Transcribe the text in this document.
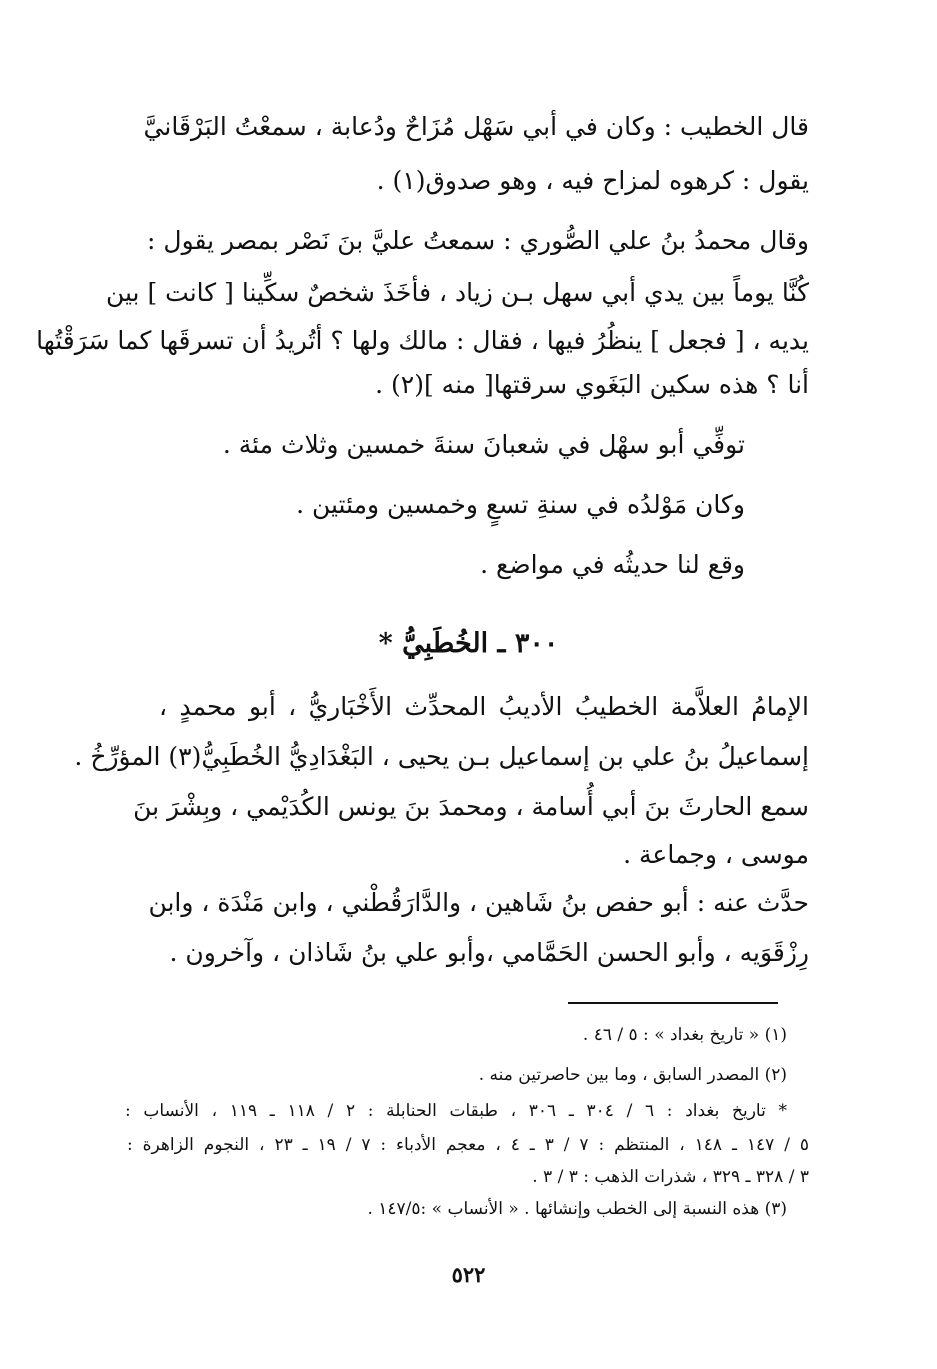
قال الخطيب : وكان في أبي سَهْل مُزَاحٌ ودُعابة ، سمعْتُ البَرْقَانيَّ
يقول : كرهوه لمزاح فيه ، وهو صدوق(١) .
وقال محمدُ بنُ علي الصُّوري : سمعتُ عليَّ بنَ نَصْر بمصر يقول :
كُنَّا يوماً بين يدي أبي سهل بـن زياد ، فأخَذَ شخصٌ سكِّينا [ كانت ] بين
يديه ، [ فجعل ] ينظُرُ فيها ، فقال : مالك ولها ؟ أتُريدُ أن تسرقَها كما سَرَقْتُها
أنا ؟ هذه سكين البَغَوي سرقتها[ منه ](٢) .
توفِّي أبو سهْل في شعبانَ سنةَ خمسين وثلاث مئة .
وكان مَوْلدُه في سنةِ تسعٍ وخمسين ومئتين .
وقع لنا حديثُه في مواضع .
٣٠٠ ـ الخُطَبِيُّ *
الإمامُ العلاَّمة الخطيبُ الأديبُ المحدِّث الأَخْبَاريُّ ، أبو محمدٍ ،
إسماعيلُ بنُ علي بن إسماعيل بـن يحيى ، البَغْدَادِيُّ الخُطَبِيُّ(٣) المؤرِّخُ .
سمع الحارثَ بنَ أبي أُسامة ، ومحمدَ بنَ يونس الكُدَيْمي ، وبِشْرَ بنَ
موسى ، وجماعة .
حدَّث عنه : أبو حفص بنُ شَاهين ، والدَّارَقُطْني ، وابن مَنْدَة ، وابن
رِزْقَوَيه ، وأبو الحسن الحَمَّامي ،وأبو علي بنُ شَاذان ، وآخرون .
(١) « تاريخ بغداد » : ٥ / ٤٦ .
(٢) المصدر السابق ، وما بين حاصرتين منه .
* تاريخ بغداد : ٦ / ٣٠٤ ـ ٣٠٦ ، طبقات الحنابلة : ٢ / ١١٨ ـ ١١٩ ، الأنساب :
٥ / ١٤٧ ـ ١٤٨ ، المنتظم : ٧ / ٣ ـ ٤ ، معجم الأدباء : ٧ / ١٩ ـ ٢٣ ، النجوم الزاهرة :
٣ / ٣٢٨ ـ ٣٢٩ ، شذرات الذهب : ٣ / ٣ .
(٣) هذه النسبة إلى الخطب وإنشائها . « الأنساب » :١٤٧/٥ .
٥٢٢
